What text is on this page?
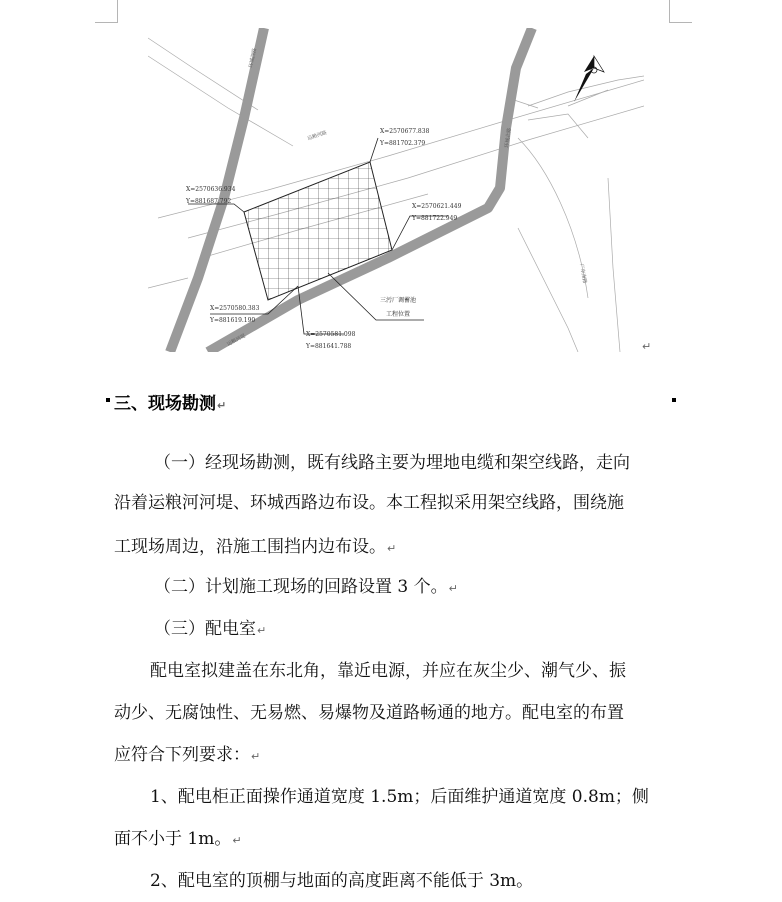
X=2570677.838
Y=881702.379
X=2570636.934
Y=881687.792
X=2570621.449
Y=881722.949
X=2570580.383
Y=881619.190
X=2570581.098
Y=881641.788
三污厂调蓄池
工程位置
运粮河路
环城西路
环城北路
运粮河堤
广东南路
↵
三、现场勘测↵
（一）经现场勘测，既有线路主要为埋地电缆和架空线路，走向
沿着运粮河河堤、环城西路边布设。本工程拟采用架空线路，围绕施
工现场周边，沿施工围挡内边布设。↵
（二）计划施工现场的回路设置 3 个。↵
（三）配电室↵
配电室拟建盖在东北角，靠近电源，并应在灰尘少、潮气少、振
动少、无腐蚀性、无易燃、易爆物及道路畅通的地方。配电室的布置
应符合下列要求：↵
1、配电柜正面操作通道宽度 1.5m；后面维护通道宽度 0.8m；侧
面不小于 1m。↵
2、配电室的顶棚与地面的高度距离不能低于 3m。
